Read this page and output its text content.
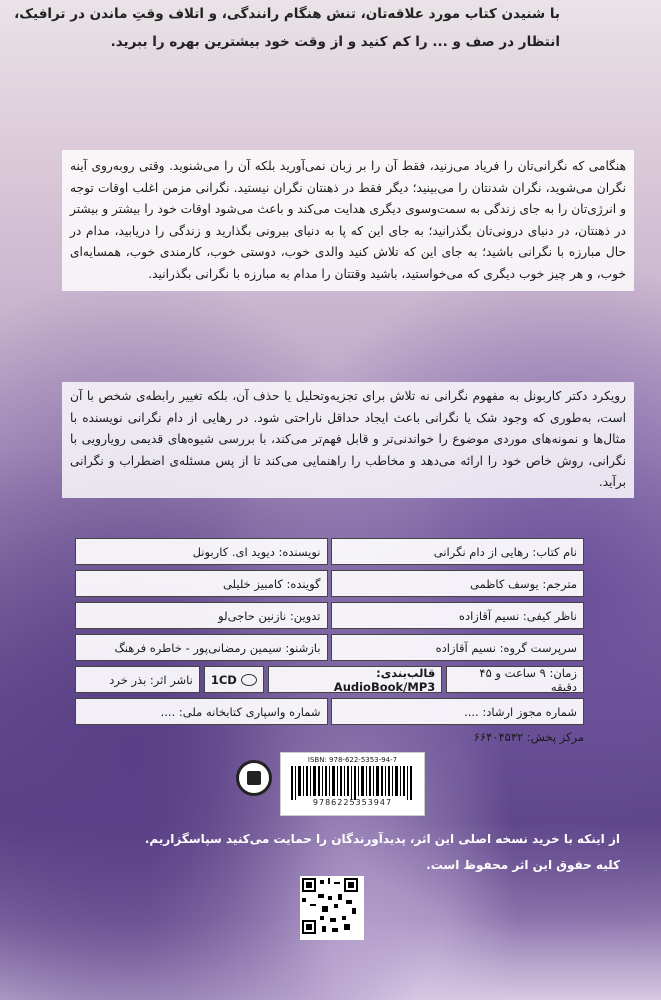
با شنیدن کتاب مورد علاقه‌تان، تنش هنگام رانندگی، و اتلاف وقتِ ماندن در ترافیک،

انتظار در صف و ... را کم کنید و از وقت خود بیشترین بهره را ببرید.

هنگامی که نگرانی‌تان را فریاد می‌زنید، فقط آن را بر زبان نمی‌آورید بلکه آن را می‌شنوید. وقتی روبه‌روی آینه نگران می‌شوید، نگران شدنتان را می‌بینید؛ دیگر فقط در ذهنتان نگران نیستید. نگرانی مزمن اغلب اوقات توجه و انرژی‌تان را به جای زندگی به سمت‌وسوی دیگری هدایت می‌کند و باعث می‌شود اوقات خود را بیشتر و بیشتر در ذهنتان، در دنیای درونی‌تان بگذرانید؛ به جای این که پا به دنیای بیرونی بگذارید و زندگی را دریابید، مدام در حال مبارزه با نگرانی باشید؛ به جای این که تلاش کنید والدی خوب، دوستی خوب، کارمندی خوب، همسایه‌ای خوب، و هر چیز خوب دیگری که می‌خواستید، باشید وقتتان را مدام به مبارزه با نگرانی بگذرانید.
رویکرد دکتر کاربونل به مفهوم نگرانی نه تلاش برای تجزیه‌وتحلیل یا حذف آن، بلکه تغییر رابطه‌ی شخص با آن است، به‌طوری که وجود شک یا نگرانی باعث ایجاد حداقل ناراحتی شود. در رهایی از دام نگرانی نویسنده با مثال‌ها و نمونه‌های موردی موضوع را خواندنی‌تر و قابل فهم‌تر می‌کند، با بررسی شیوه‌های قدیمی رویارویی با نگرانی، روش خاص خود را ارائه می‌دهد و مخاطب را راهنمایی می‌کند تا از پس مسئله‌ی اضطراب و نگرانی برآید.
نام کتاب: رهایی از دام نگرانی
نویسنده: دیوید ای. کاربونل
مترجم: یوسف کاظمی
گوینده: کامبیز خلیلی
ناظر کیفی: نسیم آقازاده
تدوین: نازنین حاجی‌لو
سرپرست گروه: نسیم آقازاده
بازشنو: سیمین رمضانی‌پور - خاطره فرهنگ
زمان: ۹ ساعت و ۴۵ دقیقه
قالب‌بندی: AudioBook/MP3
1CD
ناشر اثر: بذر خرد
شماره مجوز ارشاد: ....
شماره واسپاری کتابخانه ملی: ....
مرکز پخش: ۶۶۴۰۴۵۳۲
ISBN: 978-622-5353-94-7
9786225353947

از اینکه با خرید نسخه اصلی این اثر، پدیدآورندگان را حمایت می‌کنید سپاسگزاریم.

کلیه حقوق این اثر محفوظ است.
